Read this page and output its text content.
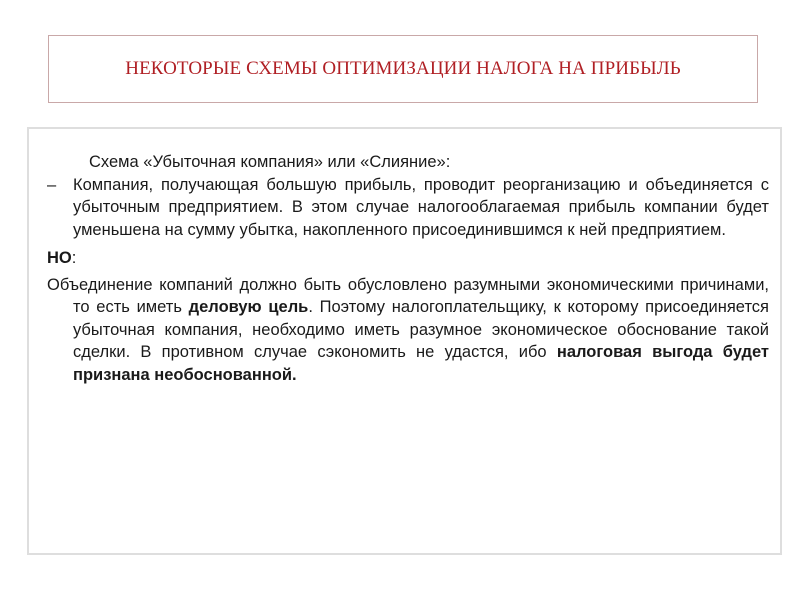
НЕКОТОРЫЕ СХЕМЫ ОПТИМИЗАЦИИ НАЛОГА НА ПРИБЫЛЬ

Схема «Убыточная компания» или «Слияние»:

– Компания, получающая большую прибыль, проводит реорганизацию и объединяется с убыточным предприятием. В этом случае налогооблагаемая прибыль компании будет уменьшена на сумму убытка, накопленного присоединившимся к ней предприятием.

НО:

Объединение компаний должно быть обусловлено разумными экономическими причинами, то есть иметь деловую цель. Поэтому налогоплательщику, к которому присоединяется убыточная компания, необходимо иметь разумное экономическое обоснование такой сделки. В противном случае сэкономить не удастся, ибо налоговая выгода будет признана необоснованной.
